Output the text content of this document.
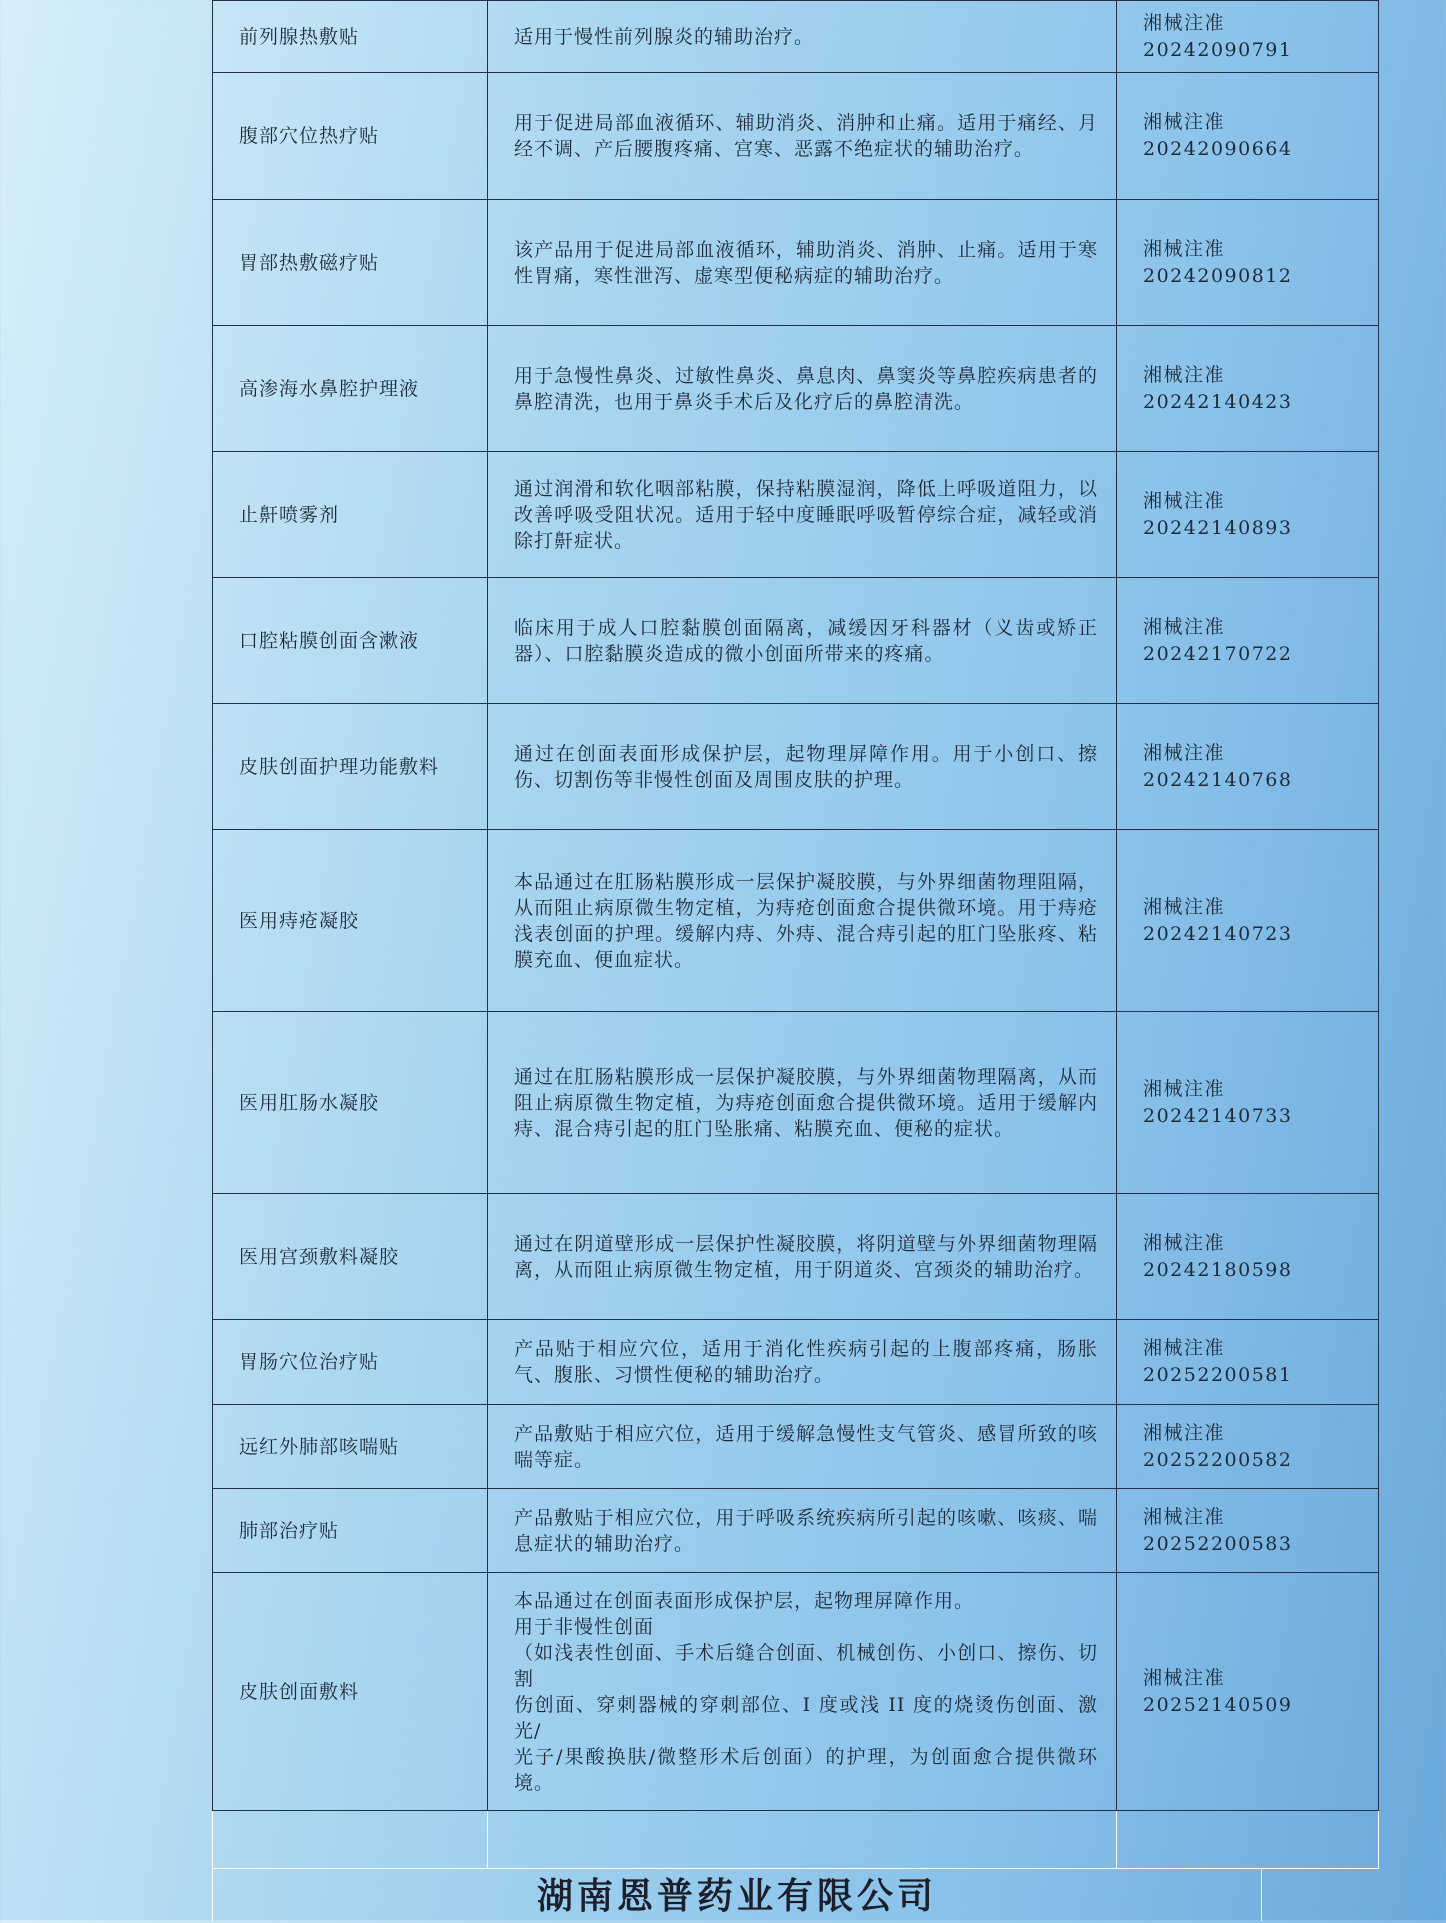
前列腺热敷贴	适用于慢性前列腺炎的辅助治疗。	湘械注准
20242090791

腹部穴位热疗贴	用于促进局部血液循环、辅助消炎、消肿和止痛。适用于痛经、月经不调、产后腰腹疼痛、宫寒、恶露不绝症状的辅助治疗。	湘械注准
20242090664

胃部热敷磁疗贴	该产品用于促进局部血液循环，辅助消炎、消肿、止痛。适用于寒性胃痛，寒性泄泻、虚寒型便秘病症的辅助治疗。	湘械注准
20242090812

高渗海水鼻腔护理液	用于急慢性鼻炎、过敏性鼻炎、鼻息肉、鼻窦炎等鼻腔疾病患者的鼻腔清洗，也用于鼻炎手术后及化疗后的鼻腔清洗。	湘械注准
20242140423

止鼾喷雾剂	通过润滑和软化咽部粘膜，保持粘膜湿润，降低上呼吸道阻力，以改善呼吸受阻状况。适用于轻中度睡眠呼吸暂停综合症，减轻或消除打鼾症状。	湘械注准
20242140893

口腔粘膜创面含漱液	临床用于成人口腔黏膜创面隔离，减缓因牙科器材（义齿或矫正器）、口腔黏膜炎造成的微小创面所带来的疼痛。	湘械注准
20242170722

皮肤创面护理功能敷料	通过在创面表面形成保护层，起物理屏障作用。用于小创口、擦伤、切割伤等非慢性创面及周围皮肤的护理。	湘械注准
20242140768

医用痔疮凝胶	本品通过在肛肠粘膜形成一层保护凝胶膜，与外界细菌物理阻隔，从而阻止病原微生物定植，为痔疮创面愈合提供微环境。用于痔疮浅表创面的护理。缓解内痔、外痔、混合痔引起的肛门坠胀疼、粘膜充血、便血症状。	湘械注准
20242140723

医用肛肠水凝胶	通过在肛肠粘膜形成一层保护凝胶膜，与外界细菌物理隔离，从而阻止病原微生物定植，为痔疮创面愈合提供微环境。适用于缓解内痔、混合痔引起的肛门坠胀痛、粘膜充血、便秘的症状。	湘械注准
20242140733

医用宫颈敷料凝胶	通过在阴道壁形成一层保护性凝胶膜，将阴道壁与外界细菌物理隔离，从而阻止病原微生物定植，用于阴道炎、宫颈炎的辅助治疗。	湘械注准
20242180598

胃肠穴位治疗贴	产品贴于相应穴位，适用于消化性疾病引起的上腹部疼痛，肠胀气、腹胀、习惯性便秘的辅助治疗。	湘械注准
20252200581

远红外肺部咳喘贴	产品敷贴于相应穴位，适用于缓解急慢性支气管炎、感冒所致的咳喘等症。	湘械注准
20252200582

肺部治疗贴	产品敷贴于相应穴位，用于呼吸系统疾病所引起的咳嗽、咳痰、喘息症状的辅助治疗。	湘械注准
20252200583

皮肤创面敷料	本品通过在创面表面形成保护层，起物理屏障作用。
用于非慢性创面
（如浅表性创面、手术后缝合创面、机械创伤、小创口、擦伤、切割
伤创面、穿刺器械的穿刺部位、I 度或浅 II 度的烧烫伤创面、激光/
光子/果酸换肤/微整形术后创面）的护理，为创面愈合提供微环境。	湘械注准
20252140509

湖南恩普药业有限公司
